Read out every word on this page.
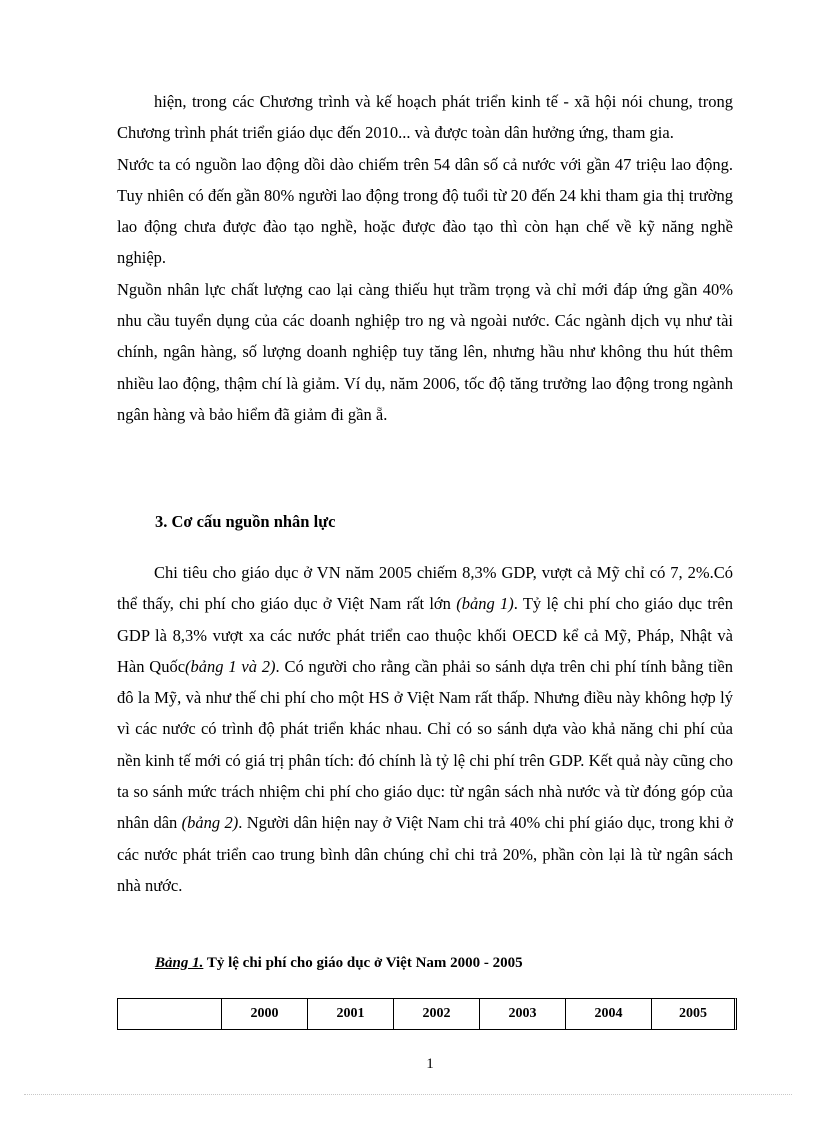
hiện, trong các Chương trình và kế hoạch phát triển kinh tế - xã hội nói chung, trong Chương trình phát triển giáo dục đến 2010... và được toàn dân hưởng ứng, tham gia.

Nước ta có nguồn lao động dồi dào chiếm trên 54 dân số cả nước với gần 47 triệu lao động. Tuy nhiên có đến gần 80% người lao động trong độ tuổi từ 20 đến 24 khi tham gia thị trường lao động chưa được đào tạo nghề, hoặc được đào tạo thì còn hạn chế về kỹ năng nghề nghiệp.

Nguồn nhân lực chất lượng cao lại càng thiếu hụt trầm trọng và chỉ mới đáp ứng gần 40% nhu cầu tuyển dụng của các doanh nghiệp tro ng và ngoài nước. Các ngành dịch vụ như tài chính, ngân hàng, số lượng doanh nghiệp tuy tăng lên, nhưng hầu như không thu hút thêm nhiều lao động, thậm chí là giảm. Ví dụ, năm 2006, tốc độ tăng trưởng lao động trong ngành ngân hàng và bảo hiểm đã giảm đi gần ẵ.

3. Cơ cấu nguồn nhân lực

Chi tiêu cho giáo dục ở VN năm 2005 chiếm 8,3% GDP, vượt cả Mỹ chỉ có 7, 2%.Có thể thấy, chi phí cho giáo dục ở Việt Nam rất lớn (bảng 1). Tỷ lệ chi phí cho giáo dục trên GDP là 8,3% vượt xa các nước phát triển cao thuộc khối OECD kể cả Mỹ, Pháp, Nhật và Hàn Quốc(bảng 1 và 2). Có người cho rằng cần phải so sánh dựa trên chi phí tính bằng tiền đô la Mỹ, và như thế chi phí cho một HS ở Việt Nam rất thấp. Nhưng điều này không hợp lý vì các nước có trình độ phát triển khác nhau. Chỉ có so sánh dựa vào khả năng chi phí của nền kinh tế mới có giá trị phân tích: đó chính là tỷ lệ chi phí trên GDP. Kết quả này cũng cho ta so sánh mức trách nhiệm chi phí cho giáo dục: từ ngân sách nhà nước và từ đóng góp của nhân dân (bảng 2). Người dân hiện nay ở Việt Nam chi trả 40% chi phí giáo dục, trong khi ở các nước phát triển cao trung bình dân chúng chỉ chi trả 20%, phần còn lại là từ ngân sách nhà nước.

Bảng 1. Tỷ lệ chi phí cho giáo dục ở Việt Nam 2000 - 2005

	2000	2001	2002	2003	2004	2005

1
